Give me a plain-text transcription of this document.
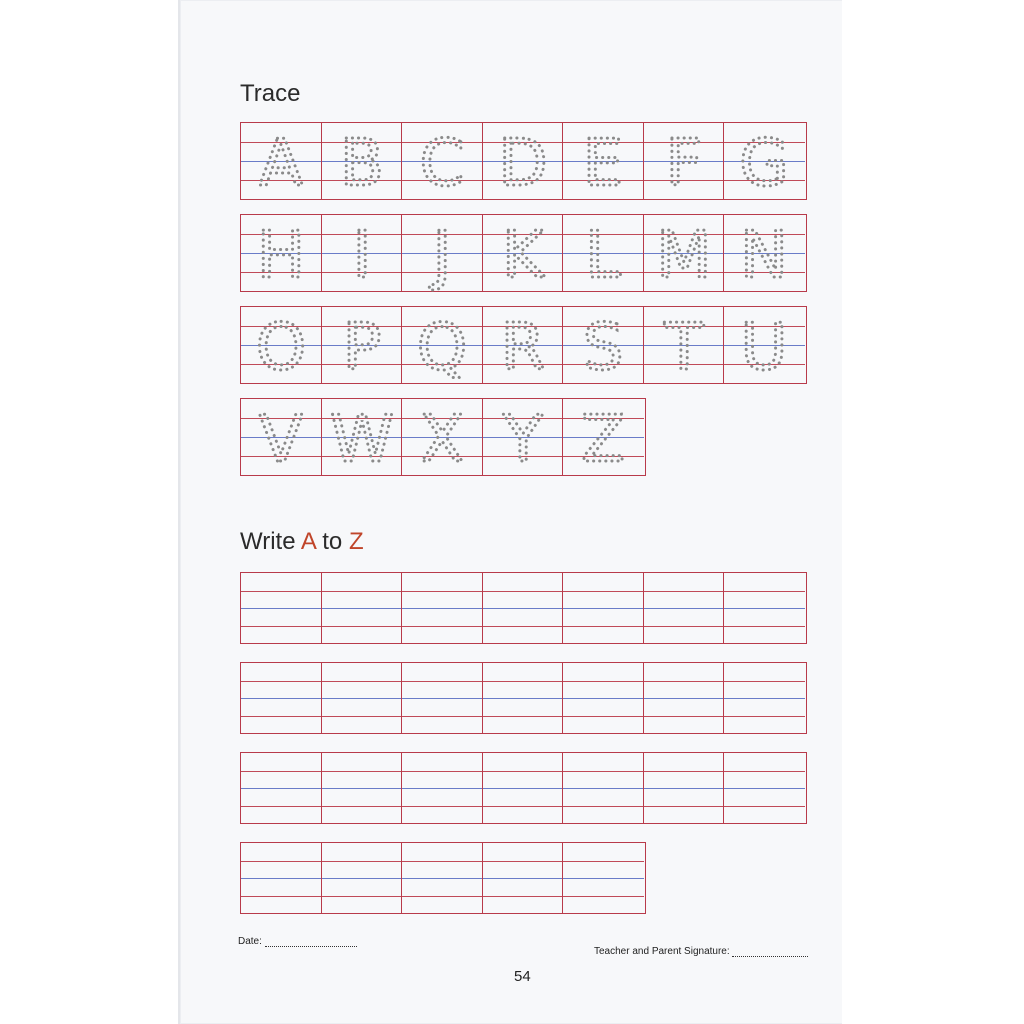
Trace
A B C D E F G
H I J K L M N
O P Q R S T U
V W X Y Z
Write A to Z
Date:
Teacher and Parent Signature:
54
